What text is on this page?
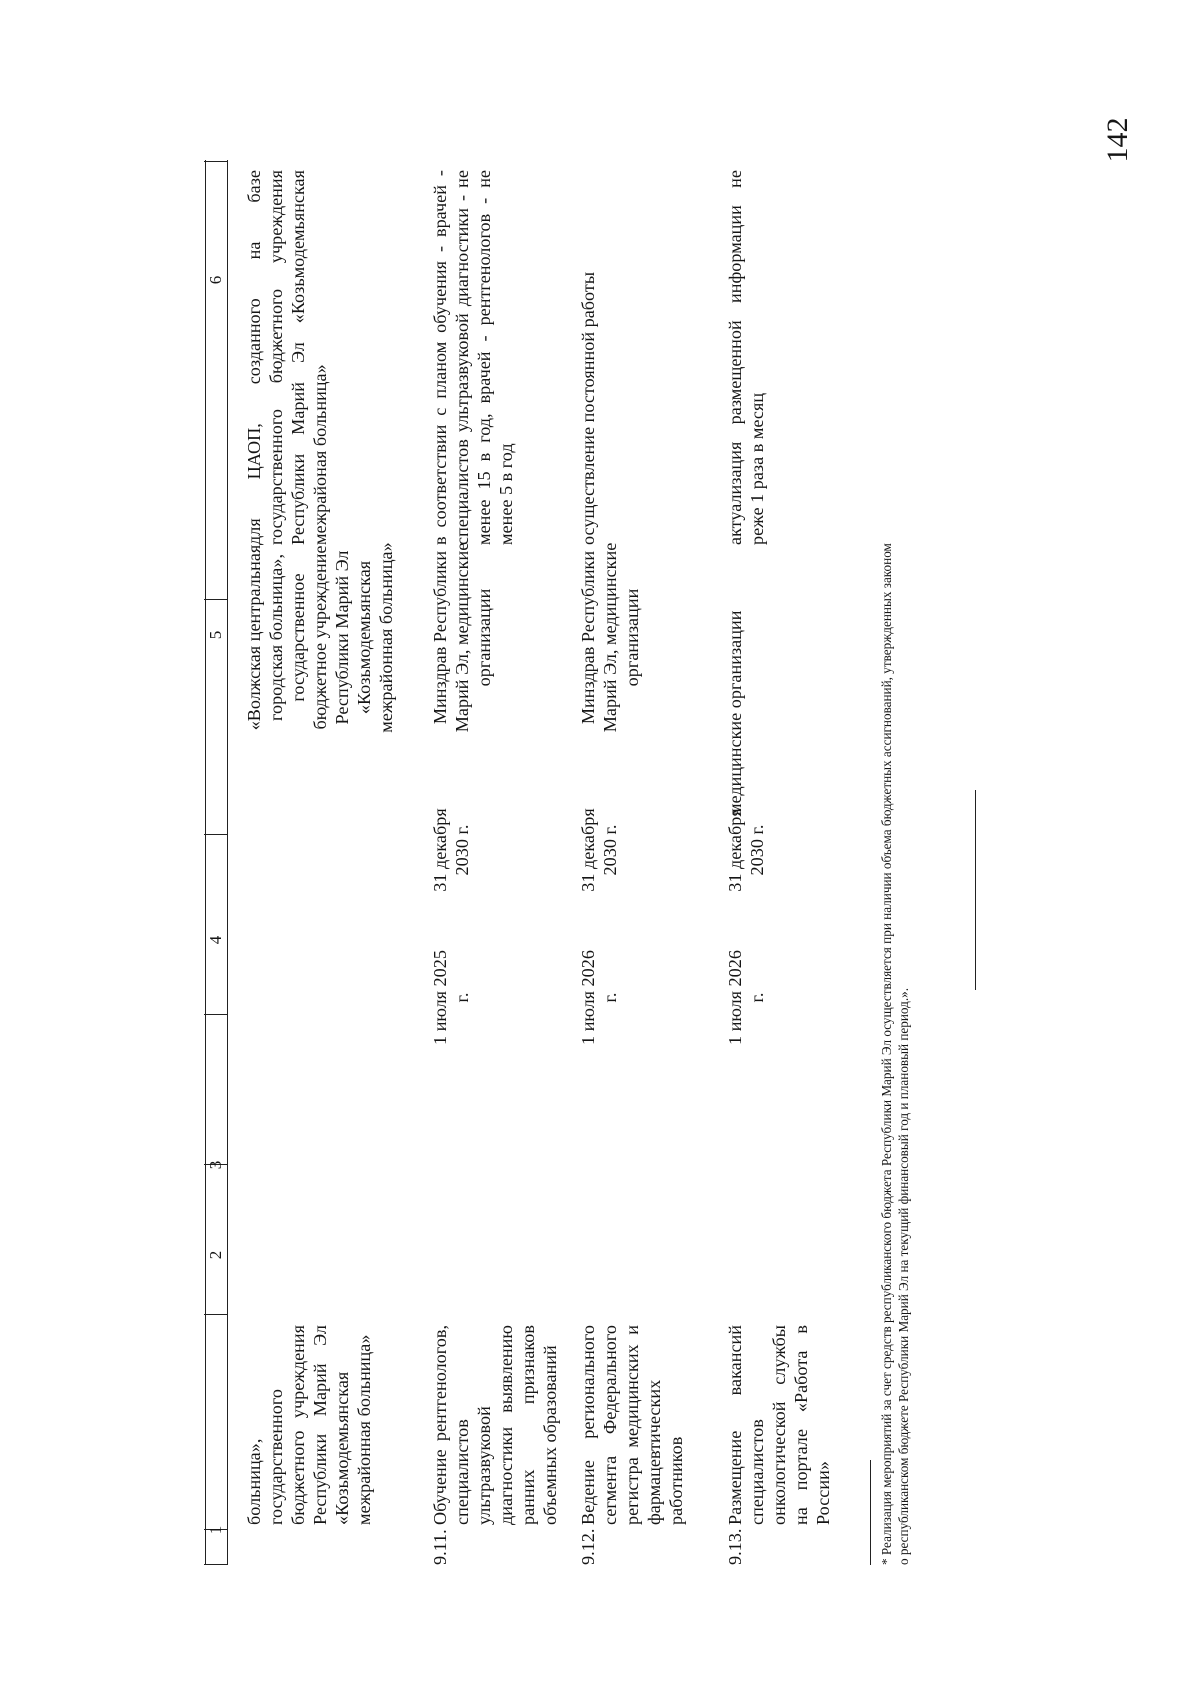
142
1
2
3
4
5
6
больница», государственного бюджетного учреждения Республики Марий Эл «Козьмодемьянская межрайонная больница»
«Волжская центральная городская больница», государственное бюджетное учреждение Республики Марий Эл «Козьмодемьянская межрайонная больница»
для ЦАОП, созданного на базе государственного бюджетного учреждения Республики Марий Эл «Козьмодемьянская межрайоная больница»
9.11.
Обучение рентгенологов, специалистов ультразвуковой диагностики выявлению ранних признаков объемных образований
1 июля 2025 г.
31 декабря 2030 г.
Минздрав Республики Марий Эл, медицинские организации
в соответствии с планом обучения - врачей - специалистов ультразвуковой диагностики - не менее 15 в год, врачей - рентгенологов - не менее 5 в год
9.12.
Ведение регионального сегмента Федерального регистра медицинских и фармацевтических работников
1 июля 2026 г.
31 декабря 2030 г.
Минздрав Республики Марий Эл, медицинские организации
осуществление постоянной работы
9.13.
Размещение вакансий специалистов онкологической службы на портале «Работа в России»
1 июля 2026 г.
31 декабря 2030 г.
медицинские организации
актуализация размещенной информации не реже 1 раза в месяц
* Реализация мероприятий за счет средств республиканского бюджета Республики Марий Эл осуществляется при наличии объема бюджетных ассигнований, утвержденных законом о республиканском бюджете Республики Марий Эл на текущий финансовый год и плановый период.».
